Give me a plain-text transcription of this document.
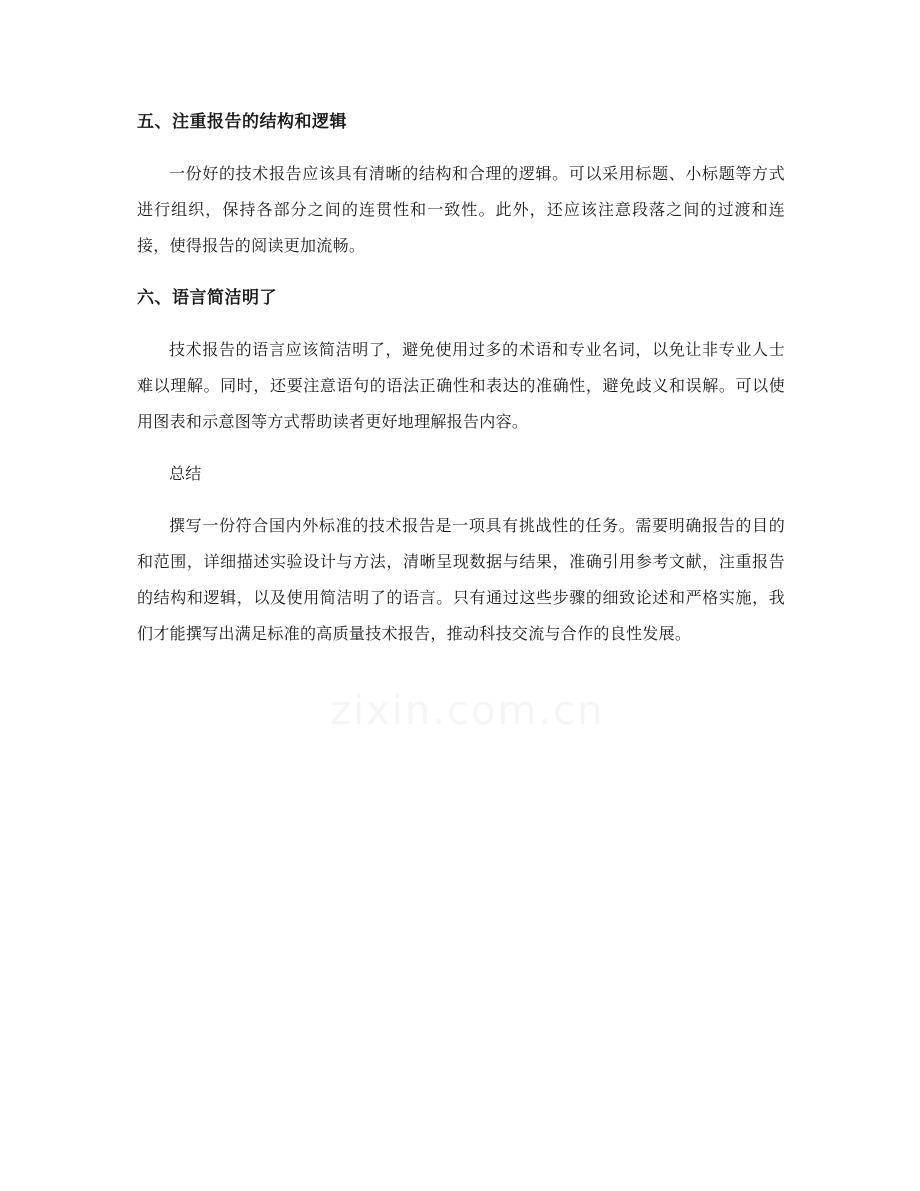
五、注重报告的结构和逻辑

一份好的技术报告应该具有清晰的结构和合理的逻辑。可以采用标题、小标题等方式进行组织，保持各部分之间的连贯性和一致性。此外，还应该注意段落之间的过渡和连接，使得报告的阅读更加流畅。

六、语言简洁明了

技术报告的语言应该简洁明了，避免使用过多的术语和专业名词，以免让非专业人士难以理解。同时，还要注意语句的语法正确性和表达的准确性，避免歧义和误解。可以使用图表和示意图等方式帮助读者更好地理解报告内容。

总结

撰写一份符合国内外标准的技术报告是一项具有挑战性的任务。需要明确报告的目的和范围，详细描述实验设计与方法，清晰呈现数据与结果，准确引用参考文献，注重报告的结构和逻辑，以及使用简洁明了的语言。只有通过这些步骤的细致论述和严格实施，我们才能撰写出满足标准的高质量技术报告，推动科技交流与合作的良性发展。

zixin.com.cn
